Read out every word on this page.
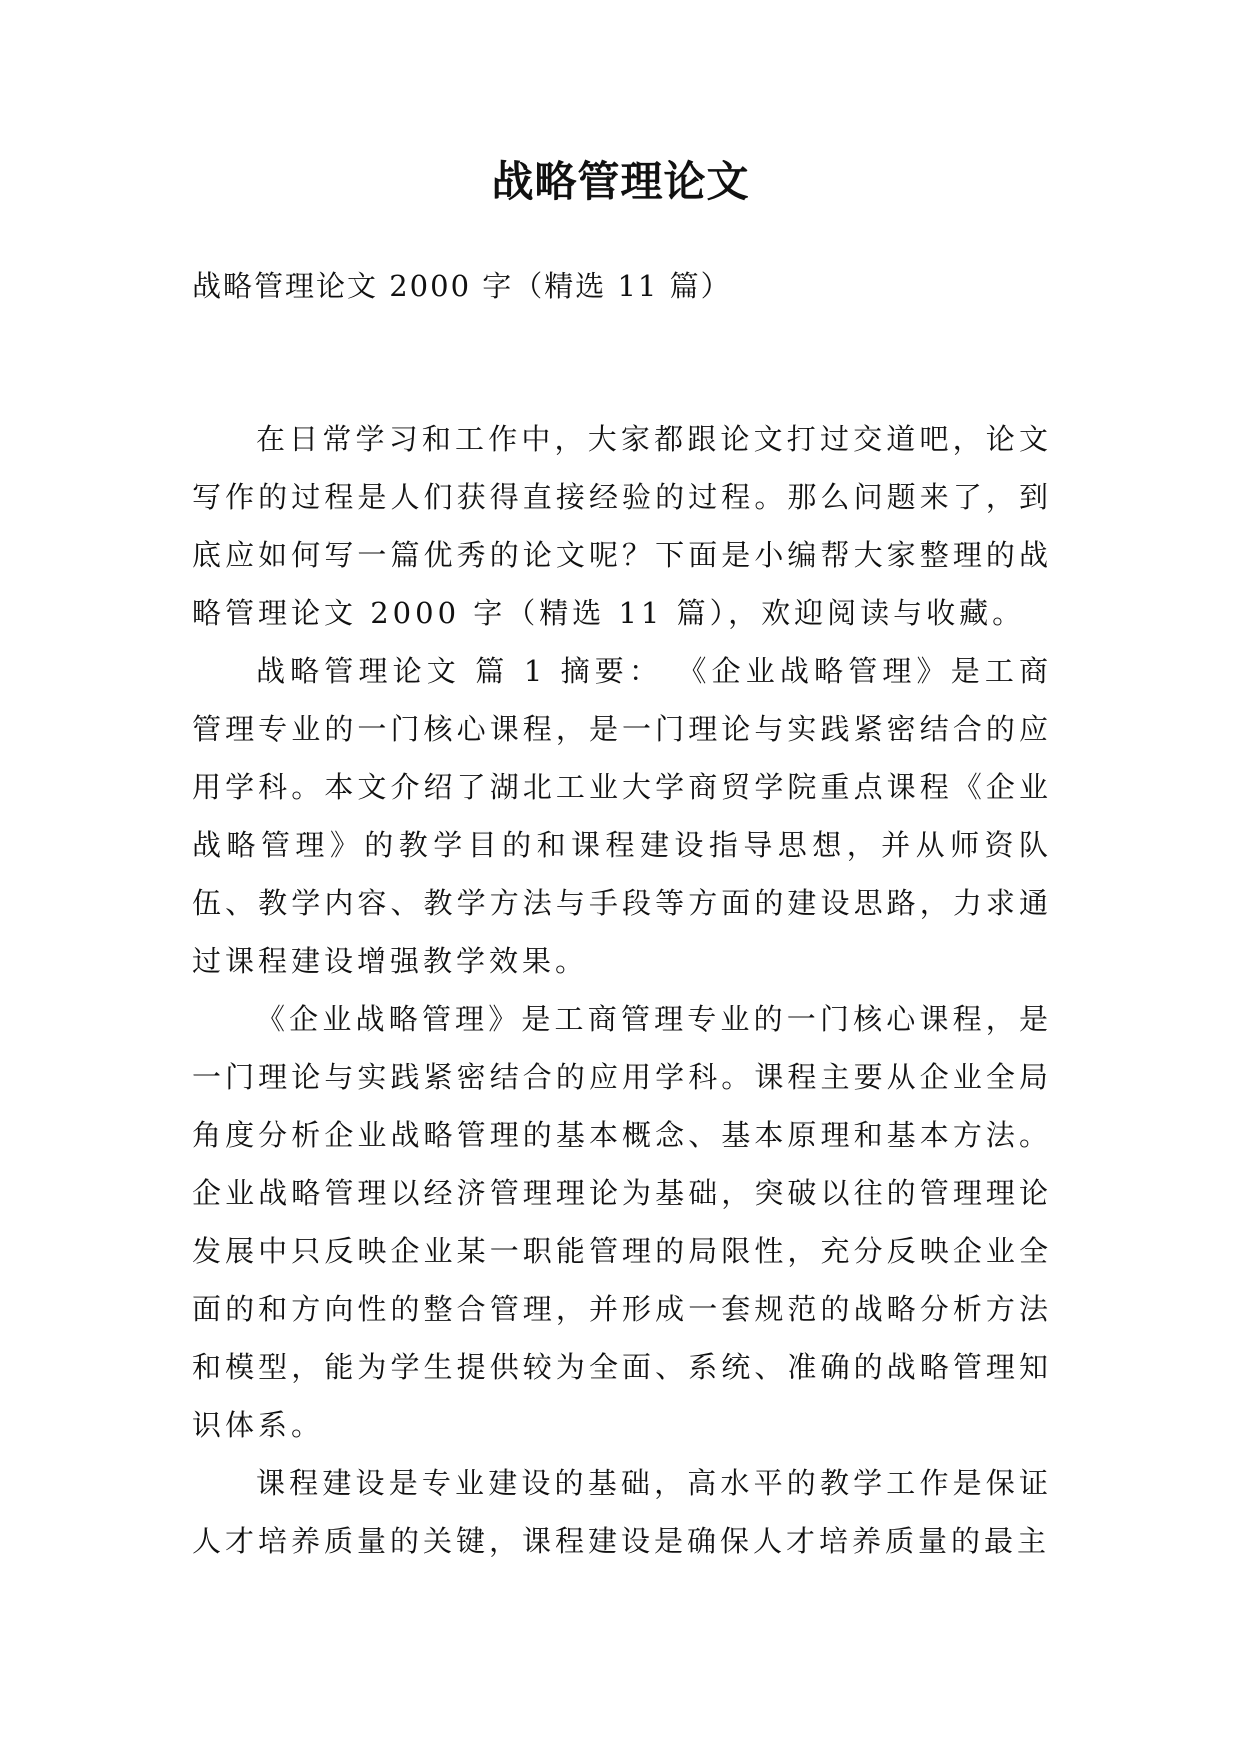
战略管理论文
战略管理论文 2000 字（精选 11 篇）

在日常学习和工作中，大家都跟论文打过交道吧，论文写作的过程是人们获得直接经验的过程。那么问题来了，到底应如何写一篇优秀的论文呢？下面是小编帮大家整理的战略管理论文 2000 字（精选 11 篇），欢迎阅读与收藏。

战略管理论文 篇 1 摘要： 《企业战略管理》是工商管理专业的一门核心课程，是一门理论与实践紧密结合的应用学科。本文介绍了湖北工业大学商贸学院重点课程《企业战略管理》的教学目的和课程建设指导思想，并从师资队伍、教学内容、教学方法与手段等方面的建设思路，力求通过课程建设增强教学效果。

《企业战略管理》是工商管理专业的一门核心课程，是一门理论与实践紧密结合的应用学科。课程主要从企业全局角度分析企业战略管理的基本概念、基本原理和基本方法。企业战略管理以经济管理理论为基础，突破以往的管理理论发展中只反映企业某一职能管理的局限性，充分反映企业全面的和方向性的整合管理，并形成一套规范的战略分析方法和模型，能为学生提供较为全面、系统、准确的战略管理知识体系。

课程建设是专业建设的基础，高水平的教学工作是保证人才培养质量的关键，课程建设是确保人才培养质量的最主
